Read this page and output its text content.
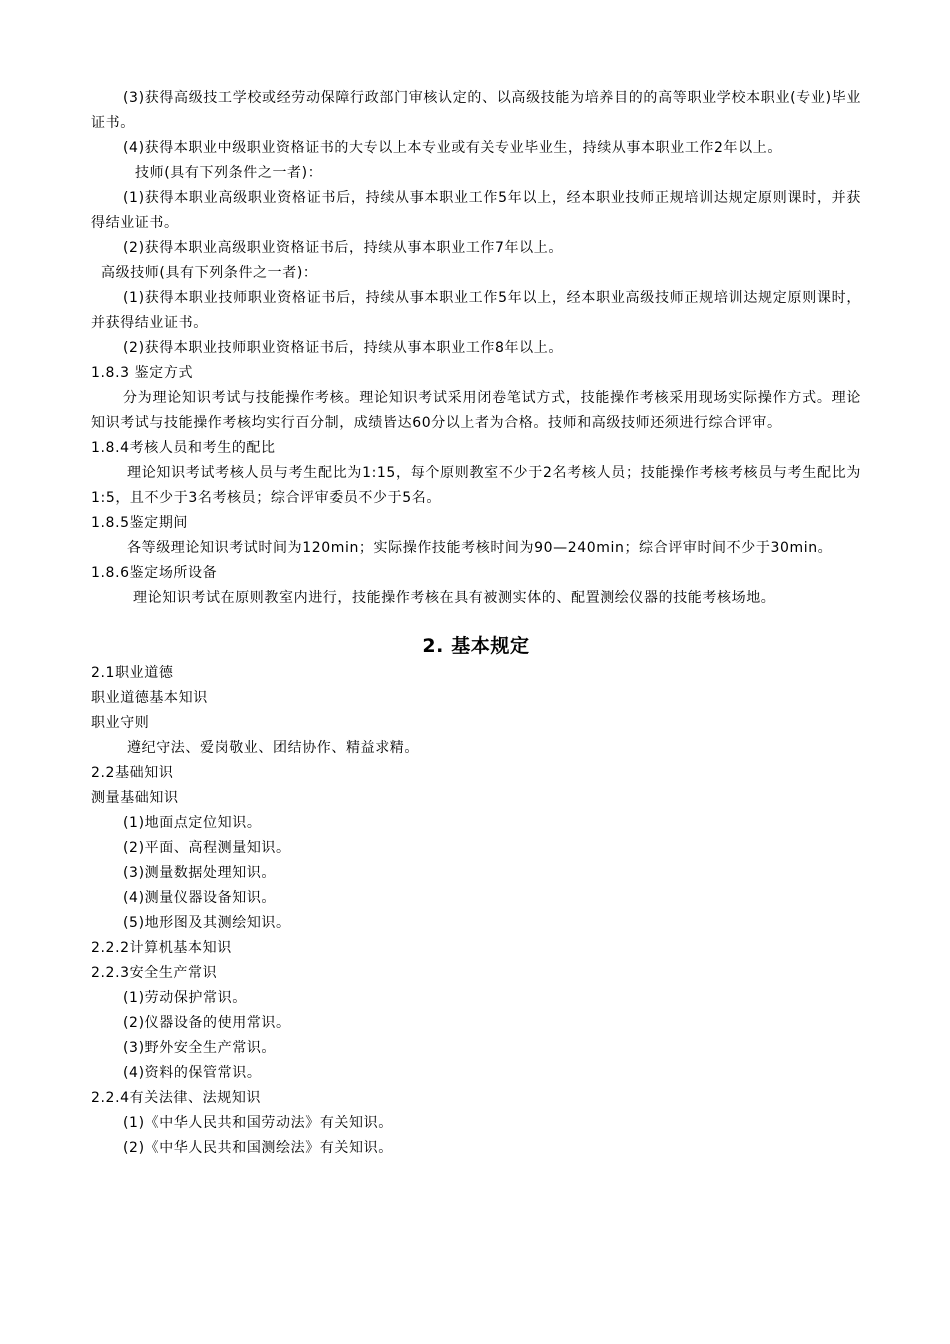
(3)获得高级技工学校或经劳动保障行政部门审核认定的、以高级技能为培养目的的高等职业学校本职业(专业)毕业证书。

(4)获得本职业中级职业资格证书的大专以上本专业或有关专业毕业生，持续从事本职业工作2年以上。

技师(具有下列条件之一者)：

(1)获得本职业高级职业资格证书后，持续从事本职业工作5年以上，经本职业技师正规培训达规定原则课时，并获得结业证书。

(2)获得本职业高级职业资格证书后，持续从事本职业工作7年以上。

高级技师(具有下列条件之一者)：

(1)获得本职业技师职业资格证书后，持续从事本职业工作5年以上，经本职业高级技师正规培训达规定原则课时，并获得结业证书。

(2)获得本职业技师职业资格证书后，持续从事本职业工作8年以上。

1.8.3 鉴定方式

分为理论知识考试与技能操作考核。理论知识考试采用闭卷笔试方式，技能操作考核采用现场实际操作方式。理论知识考试与技能操作考核均实行百分制，成绩皆达60分以上者为合格。技师和高级技师还须进行综合评审。

1.8.4考核人员和考生的配比

理论知识考试考核人员与考生配比为1:15，每个原则教室不少于2名考核人员；技能操作考核考核员与考生配比为1:5，且不少于3名考核员；综合评审委员不少于5名。

1.8.5鉴定期间

各等级理论知识考试时间为120min；实际操作技能考核时间为90—240min；综合评审时间不少于30min。

1.8.6鉴定场所设备

理论知识考试在原则教室内进行，技能操作考核在具有被测实体的、配置测绘仪器的技能考核场地。

2. 基本规定

2.1职业道德

职业道德基本知识

职业守则

遵纪守法、爱岗敬业、团结协作、精益求精。

2.2基础知识

测量基础知识

(1)地面点定位知识。

(2)平面、高程测量知识。

(3)测量数据处理知识。

(4)测量仪器设备知识。

(5)地形图及其测绘知识。

2.2.2计算机基本知识

2.2.3安全生产常识

(1)劳动保护常识。

(2)仪器设备的使用常识。

(3)野外安全生产常识。

(4)资料的保管常识。

2.2.4有关法律、法规知识

(1)《中华人民共和国劳动法》有关知识。

(2)《中华人民共和国测绘法》有关知识。
